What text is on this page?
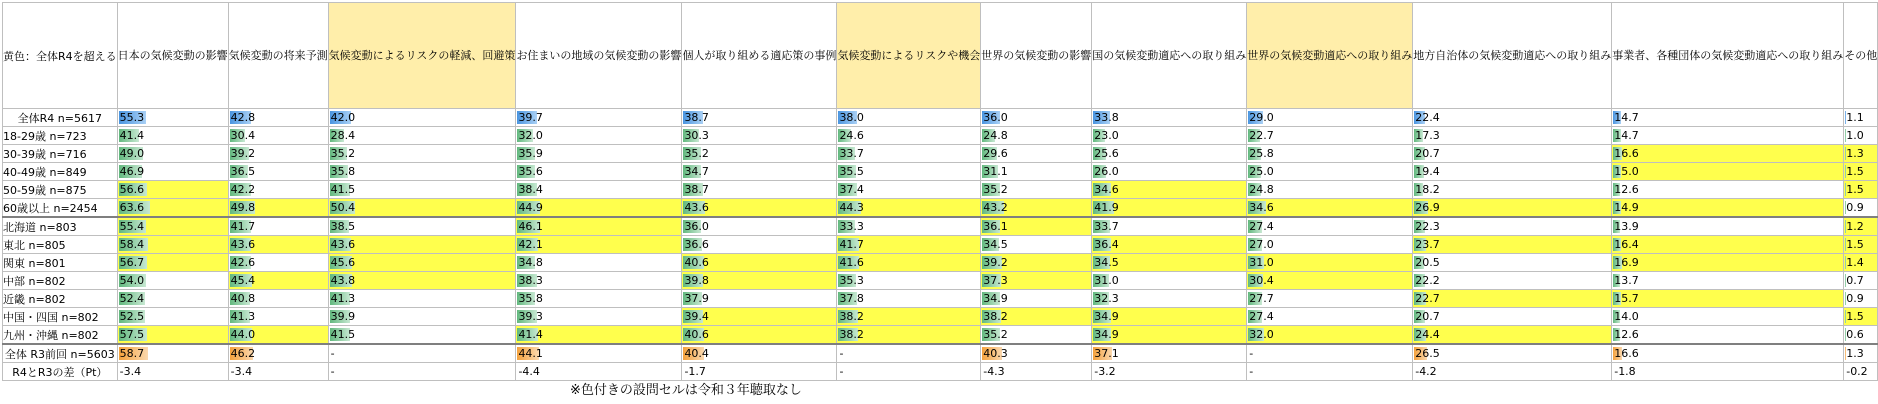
黄色：全体R4を超える	日本の気候変動の影響	気候変動の将来予測	気候変動によるリスクの軽減、回避策	お住まいの地域の気候変動の影響	個人が取り組める適応策の事例	気候変動によるリスクや機会	世界の気候変動の影響	国の気候変動適応への取り組み	世界の気候変動適応への取り組み	地方自治体の気候変動適応への取り組み	事業者、各種団体の気候変動適応への取り組み	その他
全体R4 n=5617	55.3	42.8	42.0	39.7	38.7	38.0	36.0	33.8	29.0	22.4	14.7	1.1
18-29歳 n=723	41.4	30.4	28.4	32.0	30.3	24.6	24.8	23.0	22.7	17.3	14.7	1.0
30-39歳 n=716	49.0	39.2	35.2	35.9	35.2	33.7	29.6	25.6	25.8	20.7	16.6	1.3
40-49歳 n=849	46.9	36.5	35.8	35.6	34.7	35.5	31.1	26.0	25.0	19.4	15.0	1.5
50-59歳 n=875	56.6	42.2	41.5	38.4	38.7	37.4	35.2	34.6	24.8	18.2	12.6	1.5
60歳以上 n=2454	63.6	49.8	50.4	44.9	43.6	44.3	43.2	41.9	34.6	26.9	14.9	0.9
北海道 n=803	55.4	41.7	38.5	46.1	36.0	33.3	36.1	33.7	27.4	22.3	13.9	1.2
東北 n=805	58.4	43.6	43.6	42.1	36.6	41.7	34.5	36.4	27.0	23.7	16.4	1.5
関東 n=801	56.7	42.6	45.6	34.8	40.6	41.6	39.2	34.5	31.0	20.5	16.9	1.4
中部 n=802	54.0	45.4	43.8	38.3	39.8	35.3	37.3	31.0	30.4	22.2	13.7	0.7
近畿 n=802	52.4	40.8	41.3	35.8	37.9	37.8	34.9	32.3	27.7	22.7	15.7	0.9
中国・四国 n=802	52.5	41.3	39.9	39.3	39.4	38.2	38.2	34.9	27.4	20.7	14.0	1.5
九州・沖縄 n=802	57.5	44.0	41.5	41.4	40.6	38.2	35.2	34.9	32.0	24.4	12.6	0.6
全体 R3前回 n=5603	58.7	46.2	-	44.1	40.4	-	40.3	37.1	-	26.5	16.6	1.3
R4とR3の差（Pt）	-3.4	-3.4	-	-4.4	-1.7	-	-4.3	-3.2	-	-4.2	-1.8	-0.2
※色付きの設問セルは令和３年聴取なし
